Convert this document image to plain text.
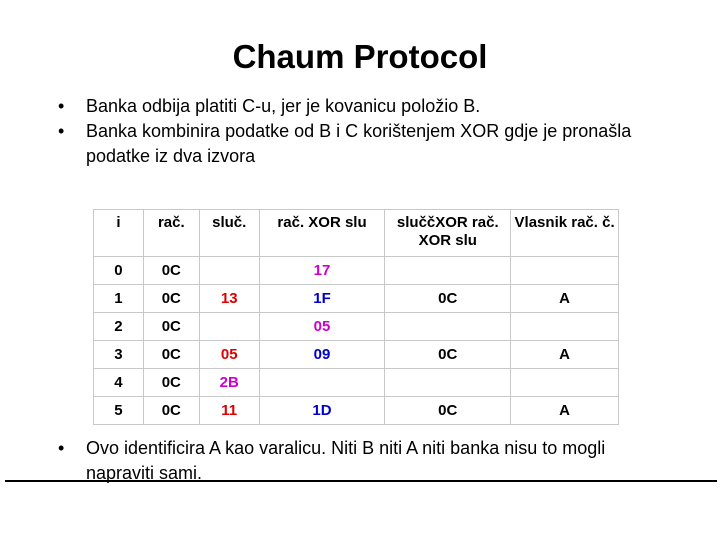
Chaum Protocol
• Banka odbija platiti C-u, jer je kovanicu položio B.
• Banka kombinira podatke od B i C korištenjem XOR gdje je pronašla podatke iz dva izvora
i	rač.	sluč.	rač. XOR slu	sluččXOR rač. XOR slu	Vlasnik rač. č.
0	0C		17		
1	0C	13	1F	0C	A
2	0C		05		
3	0C	05	09	0C	A
4	0C	2B			
5	0C	11	1D	0C	A
• Ovo identificira A kao varalicu. Niti B niti A niti banka nisu to mogli napraviti sami.
